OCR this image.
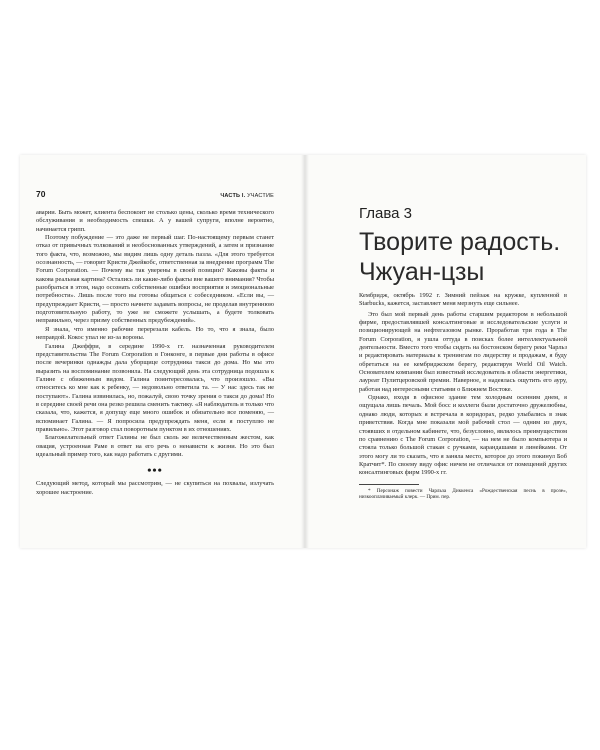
70	ЧАСТЬ I. УЧАСТИЕ

аварии. Быть может, клиента беспокоит не столько цены, сколько время технического обслуживания и необходимость спешки. А у вашей супруги, вполне вероятно, начинается грипп.

Поэтому побуждение — это даже не первый шаг. По-настоящему первым станет отказ от привычных толкований и необоснованных утверждений, а затем и признание того факта, что, возможно, мы видим лишь одну деталь пазла. «Для этого требуется осознанность, — говорит Кристи Джейкобс, ответственная за внедрение программ The Forum Corporation. — Почему вы так уверены в своей позиции? Каковы факты и какова реальная картина? Остались ли какие-либо факты вне вашего внимания? Чтобы разобраться в этом, надо осознать собственные ошибки восприятия и эмоциональные потребности». Лишь после того вы готовы общаться с собеседником. «Если вы, — предупреждает Кристи, — просто начнете задавать вопросы, не проделав внутреннюю подготовительную работу, то уже не сможете услышать, а будете толковать неправильно, через призму собственных предубеждений».

Я знала, что именно рабочие перерезали кабель. Но то, что я знала, было неправдой. Кокос упал не из-за вороны.

Галина Джеффри, в середине 1990-х гг. назначенная руководителем представительства The Forum Corporation в Гонконге, в первые дни работы в офисе после вечеринки однажды дала уборщице сотрудника такси до дома. Но мы это выразить на воспоминание позвонила. На следующий день эта сотрудница подошла к Галине с обиженным видом. Галина поинтересовалась, что произошло. «Вы относитесь ко мне как к ребенку, — недовольно ответила та. — У нас здесь так не поступают». Галина извинилась, но, пожалуй, свою точку зрения о такси до дома! Но в середине своей речи она резко решила сменить тактику. «Я наблюдатель и только что сказала, что, кажется, я допущу еще много ошибок и обязательно все поменяю, — вспоминает Галина. — Я попросила предупреждать меня, если я поступлю не правильно». Этот разговор стал поворотным пунктом в их отношениях.

Благожелательный ответ Галины не был сколь же величественным жестом, как овация, устроенная Раме в ответ на его речь о ненависти к жизни. Но это был идеальный пример того, как надо работать с другими.

•••

Следующий метод, который мы рассмотрим, — не скупиться на похвалы, излучать хорошее настроение.

Глава 3
Творите радость. Чжуан-цзы

Кембридж, октябрь 1992 г. Зимний пейзаж на кружке, купленной в Starbucks, кажется, заставляет меня мерзнуть еще сильнее.

Это был мой первый день работы старшим редактором в небольшой фирме, предоставлявшей консалтинговые и исследовательские услуги и позиционирующей на нефтегазовом рынке. Проработав три года в The Forum Corporation, я ушла оттуда в поисках более интеллектуальной деятельности. Вместо того чтобы сидеть на бостонском берегу реки Чарльз и редактировать материалы к тренингам по лидерству и продажам, я буду обретаться на ее кембриджском берегу, редактируя World Oil Watch. Основателем компании был известный исследователь в области энергетики, лауреат Пулитцеровской премии. Наверное, я надеялась ощутить его ауру, работая над интересными статьями о Ближнем Востоке.

Однако, входя в офисное здание тем холодным осенним днем, я ощущала лишь печаль. Мой босс и коллеги были достаточно дружелюбны, однако люди, которых я встречала в коридорах, редко улыбались в знак приветствия. Когда мне показали мой рабочий стол — одним из двух, стоявших в отдельном кабинете, что, безусловно, являлось преимуществом по сравнению с The Forum Corporation, — на нем не было компьютера и стояла только большой стакан с ручками, карандашами и линейками. От этого могу ли то сказать, что я заняла место, которое до этого покинул Боб Кратчит*. По своему виду офис ничем не отличался от помещений других консалтинговых фирм 1990-х гг.

* Персонаж повести Чарльза Диккенса «Рождественская песнь в прозе», низкооплачиваемый клерк. — Прим. пер.
